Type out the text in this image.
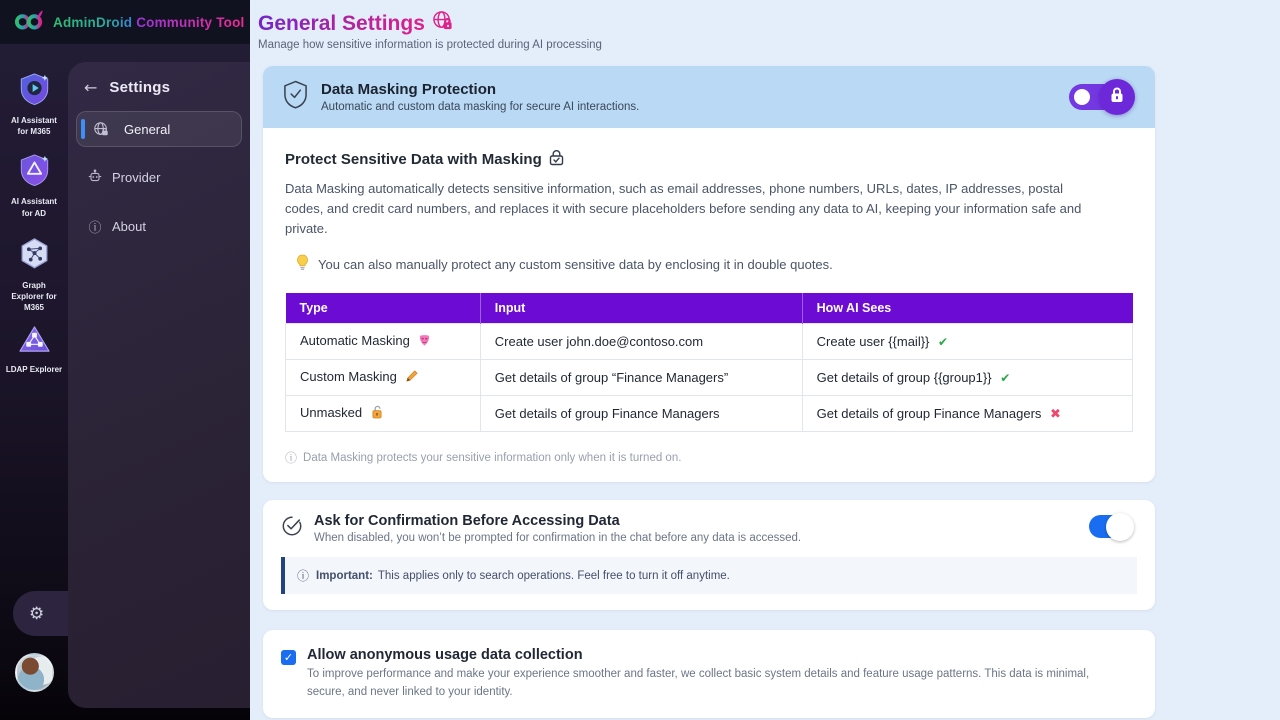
AdminDroid Community Tool
AI Assistant
for M365
AI Assistant
for AD
Graph
Explorer for
M365
LDAP Explorer
⚙
← Settings
General
Provider
ⓘ About
General Settings
Manage how sensitive information is protected during AI processing
Data Masking Protection
Automatic and custom data masking for secure AI interactions.
Protect Sensitive Data with Masking

Data Masking automatically detects sensitive information, such as email addresses, phone numbers, URLs, dates, IP addresses, postal codes, and credit card numbers, and replaces it with secure placeholders before sending any data to AI, keeping your information safe and private.

You can also manually protect any custom sensitive data by enclosing it in double quotes.
Type	Input	How AI Sees
Automatic Masking	Create user john.doe@contoso.com	Create user {{mail}} ✔
Custom Masking	Get details of group “Finance Managers”	Get details of group {{group1}} ✔
Unmasked	Get details of group Finance Managers	Get details of group Finance Managers ✖
ⓘ Data Masking protects your sensitive information only when it is turned on.
Ask for Confirmation Before Accessing Data
When disabled, you won’t be prompted for confirmation in the chat before any data is accessed.
ⓘ Important: This applies only to search operations. Feel free to turn it off anytime.
✓ Allow anonymous usage data collection
To improve performance and make your experience smoother and faster, we collect basic system details and feature usage patterns. This data is minimal, secure, and never linked to your identity.
